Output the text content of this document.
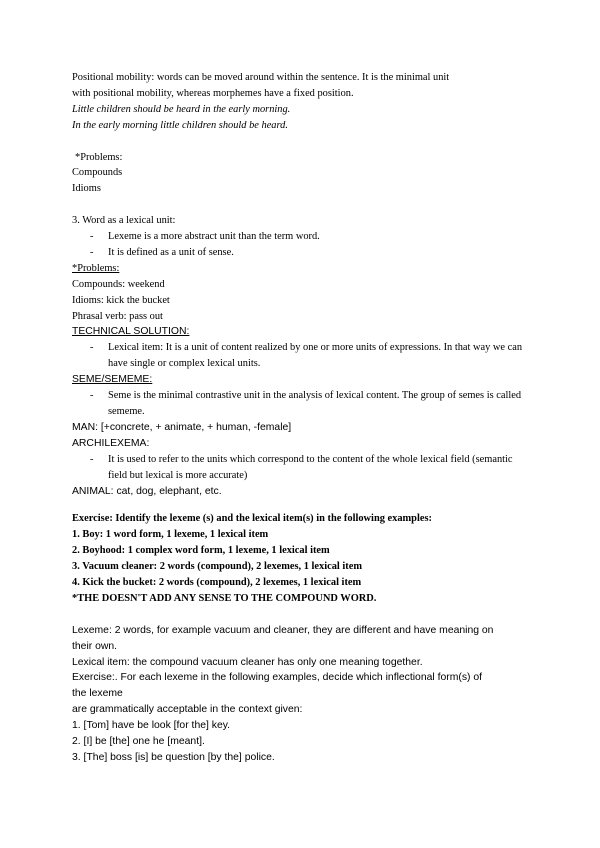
Positional mobility: words can be moved around within the sentence. It is the minimal unit
with positional mobility, whereas morphemes have a fixed position.
Little children should be heard in the early morning.
In the early morning little children should be heard.
*Problems:
Compounds
Idioms
3. Word as a lexical unit:
- Lexeme is a more abstract unit than the term word.
- It is defined as a unit of sense.
*Problems:
Compounds: weekend
Idioms: kick the bucket
Phrasal verb: pass out
TECHNICAL SOLUTION:
- Lexical item: It is a unit of content realized by one or more units of expressions. In that way we can have single or complex lexical units.
SEME/SEMEME:
- Seme is the minimal contrastive unit in the analysis of lexical content. The group of semes is called sememe.
MAN: [+concrete, + animate, + human, -female]
ARCHILEXEMA:
- It is used to refer to the units which correspond to the content of the whole lexical field (semantic field but lexical is more accurate)
ANIMAL: cat, dog, elephant, etc.
Exercise: Identify the lexeme (s) and the lexical item(s) in the following examples:
1. Boy: 1 word form, 1 lexeme, 1 lexical item
2. Boyhood: 1 complex word form, 1 lexeme, 1 lexical item
3. Vacuum cleaner: 2 words (compound), 2 lexemes, 1 lexical item
4. Kick the bucket: 2 words (compound), 2 lexemes, 1 lexical item
*THE DOESN'T ADD ANY SENSE TO THE COMPOUND WORD.
Lexeme: 2 words, for example vacuum and cleaner, they are different and have meaning on
their own.
Lexical item: the compound vacuum cleaner has only one meaning together.
Exercise:. For each lexeme in the following examples, decide which inflectional form(s) of
the lexeme
are grammatically acceptable in the context given:
1. [Tom] have be look [for the] key.
2. [I] be [the] one he [meant].
3. [The] boss [is] be question [by the] police.
